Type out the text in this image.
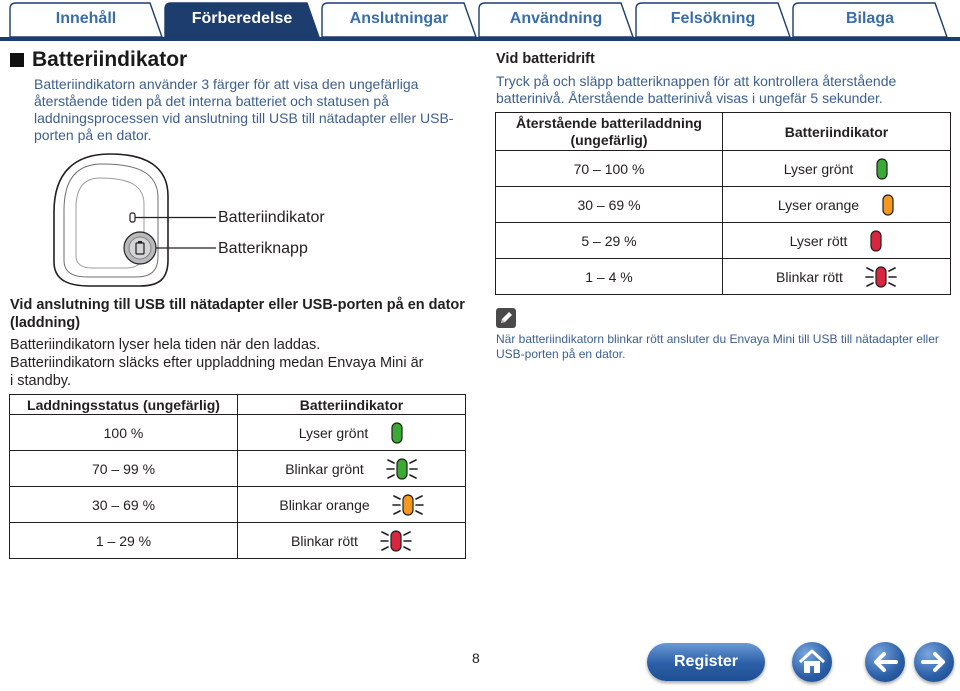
Innehåll	Förberedelse	Anslutningar	Användning	Felsökning	Bilaga
Batteriindikator
Batteriindikatorn använder 3 färger för att visa den ungefärliga återstående tiden på det interna batteriet och statusen på laddningsprocessen vid anslutning till USB till nätadapter eller USB-porten på en dator.
Batteriindikator
Batteriknapp
Vid anslutning till USB till nätadapter eller USB-porten på en dator (laddning)
Batteriindikatorn lyser hela tiden när den laddas.
Batteriindikatorn släcks efter uppladdning medan Envaya Mini är i standby.
Laddningsstatus (ungefärlig)	Batteriindikator
100 %	Lyser grönt

70 – 99 %	Blinkar grönt

30 – 69 %	Blinkar orange

1 – 29 %	Blinkar rött
Vid batteridrift
Tryck på och släpp batteriknappen för att kontrollera återstående batterinivå. Återstående batterinivå visas i ungefär 5 sekunder.
Återstående batteriladdning (ungefärlig)	Batteriindikator
70 – 100 %	Lyser grönt

30 – 69 %	Lyser orange

5 – 29 %	Lyser rött

1 – 4 %	Blinkar rött
När batteriindikatorn blinkar rött ansluter du Envaya Mini till USB till nätadapter eller USB-porten på en dator.
8	Register
